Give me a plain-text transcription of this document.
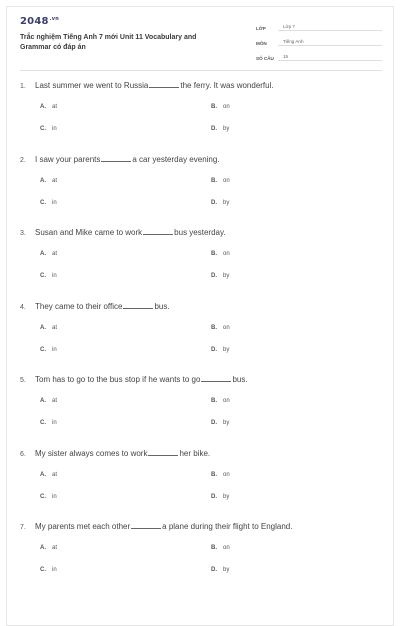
$2048^{.vn}$
Trắc nghiệm Tiếng Anh 7 mới Unit 11 Vocabulary and
Grammar có đáp án
LỚP	Lớp 7
MÔN	Tiếng Anh
SỐ CÂU	15
1. Last summer we went to Russia	the ferry. It was wonderful.
A. at	B. on
C. in	D. by
2. I saw your parents	a car yesterday evening.
A. at	B. on
C. in	D. by
3. Susan and Mike came to work	bus yesterday.
A. at	B. on
C. in	D. by
4. They came to their office	bus.
A. at	B. on
C. in	D. by
5. Tom has to go to the bus stop if he wants to go	bus.
A. at	B. on
C. in	D. by
6. My sister always comes to work	her bike.
A. at	B. on
C. in	D. by
7. My parents met each other	a plane during their flight to England.
A. at	B. on
C. in	D. by
